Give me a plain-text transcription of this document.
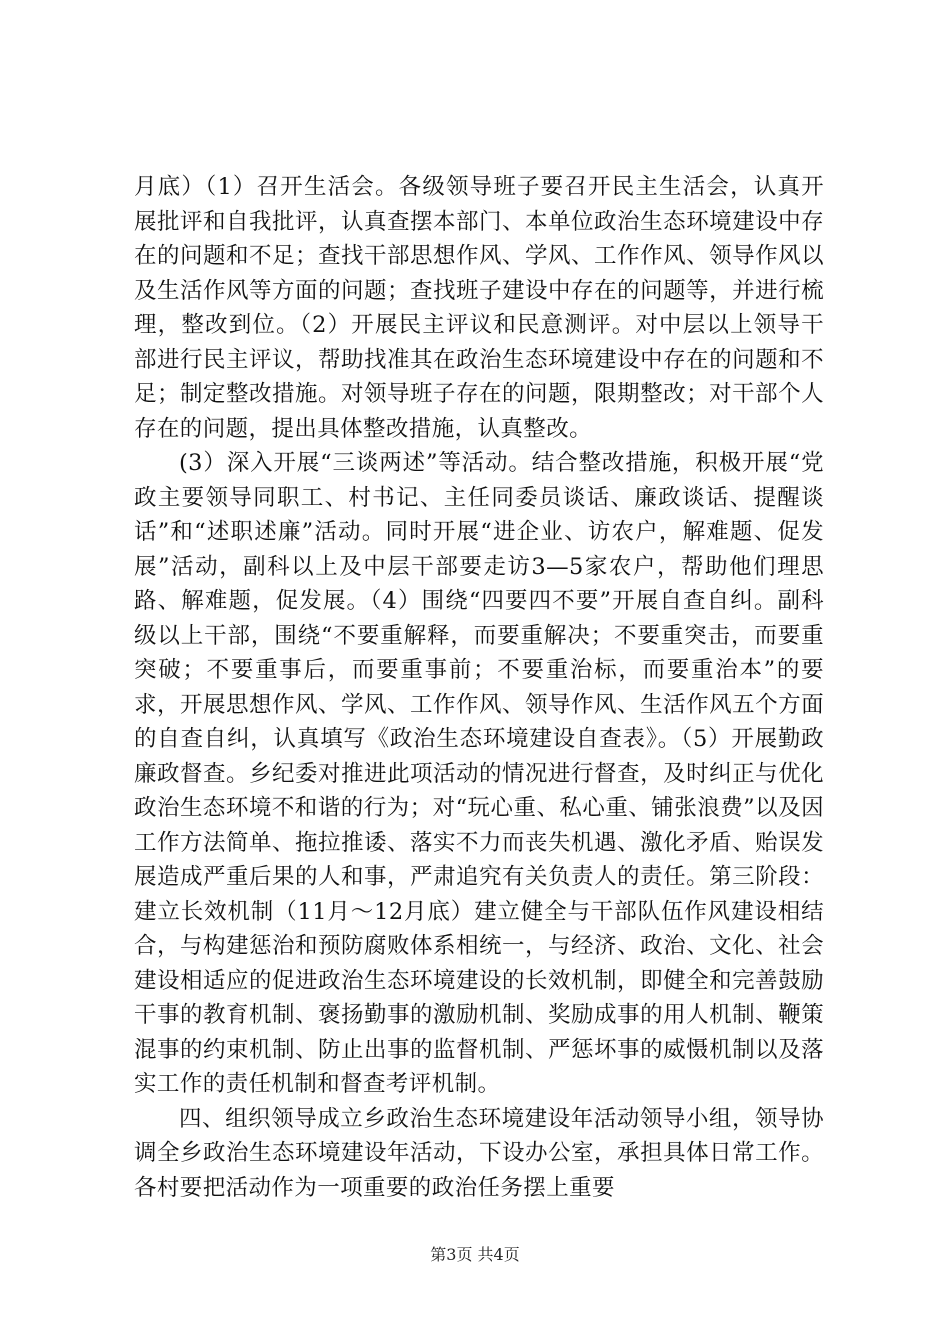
月底）（1）召开生活会。各级领导班子要召开民主生活会，认真开展批评和自我批评，认真查摆本部门、本单位政治生态环境建设中存在的问题和不足；查找干部思想作风、学风、工作作风、领导作风以及生活作风等方面的问题；查找班子建设中存在的问题等，并进行梳理，整改到位。（2）开展民主评议和民意测评。对中层以上领导干部进行民主评议，帮助找准其在政治生态环境建设中存在的问题和不足；制定整改措施。对领导班子存在的问题，限期整改；对干部个人存在的问题，提出具体整改措施，认真整改。

(3）深入开展“三谈两述”等活动。结合整改措施，积极开展“党政主要领导同职工、村书记、主任同委员谈话、廉政谈话、提醒谈话”和“述职述廉”活动。同时开展“进企业、访农户，解难题、促发展”活动，副科以上及中层干部要走访3—5家农户，帮助他们理思路、解难题，促发展。（4）围绕“四要四不要”开展自查自纠。副科级以上干部，围绕“不要重解释，而要重解决；不要重突击，而要重突破；不要重事后，而要重事前；不要重治标，而要重治本”的要求，开展思想作风、学风、工作作风、领导作风、生活作风五个方面的自查自纠，认真填写《政治生态环境建设自查表》。（5）开展勤政廉政督查。乡纪委对推进此项活动的情况进行督查，及时纠正与优化政治生态环境不和谐的行为；对“玩心重、私心重、铺张浪费”以及因工作方法简单、拖拉推诿、落实不力而丧失机遇、激化矛盾、贻误发展造成严重后果的人和事，严肃追究有关负责人的责任。第三阶段：建立长效机制（11月～12月底）建立健全与干部队伍作风建设相结合，与构建惩治和预防腐败体系相统一，与经济、政治、文化、社会建设相适应的促进政治生态环境建设的长效机制，即健全和完善鼓励干事的教育机制、褒扬勤事的激励机制、奖励成事的用人机制、鞭策混事的约束机制、防止出事的监督机制、严惩坏事的威慑机制以及落实工作的责任机制和督查考评机制。

四、组织领导成立乡政治生态环境建设年活动领导小组，领导协调全乡政治生态环境建设年活动，下设办公室，承担具体日常工作。各村要把活动作为一项重要的政治任务摆上重要

第3页 共4页
